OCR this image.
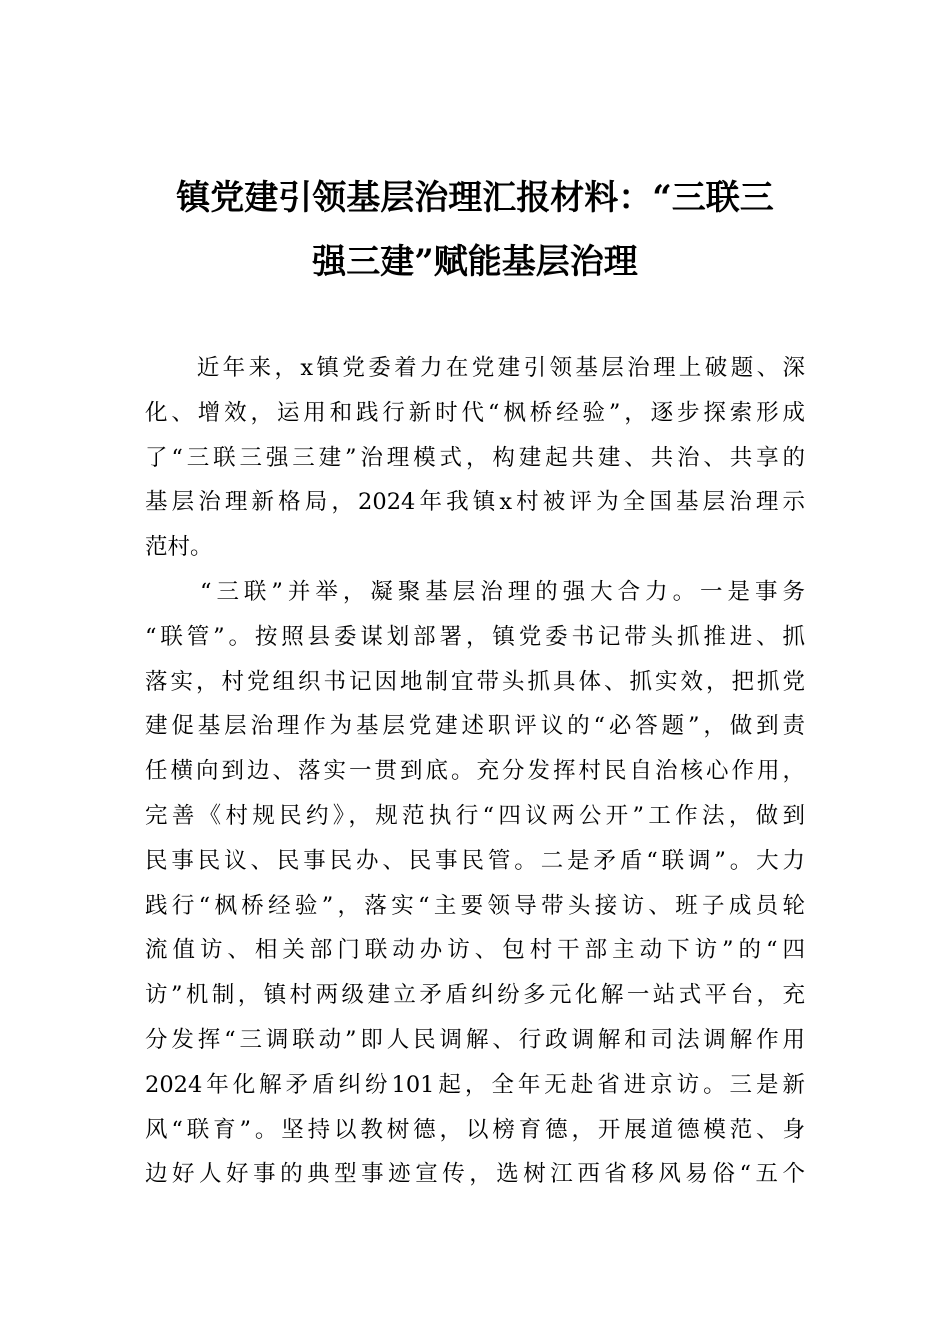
镇党建引领基层治理汇报材料：“三联三
强三建”赋能基层治理
　　近年来，x镇党委着力在党建引领基层治理上破题、深
化、增效，运用和践行新时代“枫桥经验”，逐步探索形成
了“三联三强三建”治理模式，构建起共建、共治、共享的
基层治理新格局，2024年我镇x村被评为全国基层治理示
范村。
　　“三联”并举，凝聚基层治理的强大合力。一是事务
“联管”。按照县委谋划部署，镇党委书记带头抓推进、抓
落实，村党组织书记因地制宜带头抓具体、抓实效，把抓党
建促基层治理作为基层党建述职评议的“必答题”，做到责
任横向到边、落实一贯到底。充分发挥村民自治核心作用，
完善《村规民约》，规范执行“四议两公开”工作法，做到
民事民议、民事民办、民事民管。二是矛盾“联调”。大力
践行“枫桥经验”，落实“主要领导带头接访、班子成员轮
流值访、相关部门联动办访、包村干部主动下访”的“四
访”机制，镇村两级建立矛盾纠纷多元化解一站式平台，充
分发挥“三调联动”即人民调解、行政调解和司法调解作用
2024年化解矛盾纠纷101起，全年无赴省进京访。三是新
风“联育”。坚持以教树德，以榜育德，开展道德模范、身
边好人好事的典型事迹宣传，选树江西省移风易俗“五个
